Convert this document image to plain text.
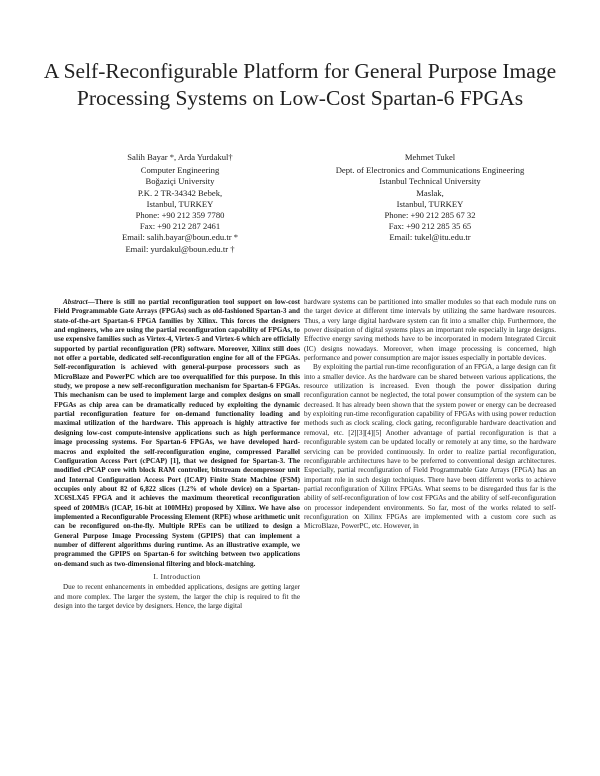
A Self-Reconfigurable Platform for General Purpose Image Processing Systems on Low-Cost Spartan-6 FPGAs
Salih Bayar *, Arda Yurdakul†
Computer Engineering
Boğaziçi University
P.K. 2 TR-34342 Bebek,
Istanbul, TURKEY
Phone: +90 212 359 7780
Fax: +90 212 287 2461
Email: salih.bayar@boun.edu.tr *
Email: yurdakul@boun.edu.tr †
Mehmet Tukel
Dept. of Electronics and Communications Engineering
Istanbul Technical University
Maslak,
Istanbul, TURKEY
Phone: +90 212 285 67 32
Fax: +90 212 285 35 65
Email: tukel@itu.edu.tr

Abstract—There is still no partial reconfiguration tool support on low-cost Field Programmable Gate Arrays (FPGAs) such as old-fashioned Spartan-3 and state-of-the-art Spartan-6 FPGA families by Xilinx. This forces the designers and engineers, who are using the partial reconfiguration capability of FPGAs, to use expensive families such as Virtex-4, Virtex-5 and Virtex-6 which are officially supported by partial reconfiguration (PR) software. Moreover, Xilinx still does not offer a portable, dedicated self-reconfiguration engine for all of the FPGAs. Self-reconfiguration is achieved with general-purpose processors such as MicroBlaze and PowerPC which are too overqualified for this purpose. In this study, we propose a new self-reconfiguration mechanism for Spartan-6 FPGAs. This mechanism can be used to implement large and complex designs on small FPGAs as chip area can be dramatically reduced by exploiting the dynamic partial reconfiguration feature for on-demand functionality loading and maximal utilization of the hardware. This approach is highly attractive for designing low-cost compute-intensive applications such as high performance image processing systems. For Spartan-6 FPGAs, we have developed hard-macros and exploited the self-reconfiguration engine, compressed Parallel Configuration Access Port (cPCAP) [1], that we designed for Spartan-3. The modified cPCAP core with block RAM controller, bitstream decompressor unit and Internal Configuration Access Port (ICAP) Finite State Machine (FSM) occupies only about 82 of 6,822 slices (1.2% of whole device) on a Spartan-XC6SLX45 FPGA and it achieves the maximum theoretical reconfiguration speed of 200MB/s (ICAP, 16-bit at 100MHz) proposed by Xilinx. We have also implemented a Reconfigurable Processing Element (RPE) whose arithmetic unit can be reconfigured on-the-fly. Multiple RPEs can be utilized to design a General Purpose Image Processing System (GPIPS) that can implement a number of different algorithms during runtime. As an illustrative example, we programmed the GPIPS on Spartan-6 for switching between two applications on-demand such as two-dimensional filtering and block-matching.

I. Introduction

Due to recent enhancements in embedded applications, designs are getting larger and more complex. The larger the system, the larger the chip is required to fit the design into the target device by designers. Hence, the large digital

hardware systems can be partitioned into smaller modules so that each module runs on the target device at different time intervals by utilizing the same hardware resources. Thus, a very large digital hardware system can fit into a smaller chip. Furthermore, the power dissipation of digital systems plays an important role especially in large designs. Effective energy saving methods have to be incorporated in modern Integrated Circuit (IC) designs nowadays. Moreover, when image processing is concerned, high performance and power consumption are major issues especially in portable devices.

By exploiting the partial run-time reconfiguration of an FPGA, a large design can fit into a smaller device. As the hardware can be shared between various applications, the resource utilization is increased. Even though the power dissipation during reconfiguration cannot be neglected, the total power consumption of the system can be decreased. It has already been shown that the system power or energy can be decreased by exploiting run-time reconfiguration capability of FPGAs with using power reduction methods such as clock scaling, clock gating, reconfigurable hardware deactivation and removal, etc. [2][3][4][5] Another advantage of partial reconfiguration is that a reconfigurable system can be updated locally or remotely at any time, so the hardware servicing can be provided continuously. In order to realize partial reconfiguration, reconfigurable architectures have to be preferred to conventional design architectures. Especially, partial reconfiguration of Field Programmable Gate Arrays (FPGA) has an important role in such design techniques. There have been different works to achieve partial reconfiguration of Xilinx FPGAs. What seems to be disregarded thus far is the ability of self-reconfiguration of low cost FPGAs and the ability of self-reconfiguration on processor independent environments. So far, most of the works related to self-reconfiguration on Xilinx FPGAs are implemented with a custom core such as MicroBlaze, PowerPC, etc. However, in
